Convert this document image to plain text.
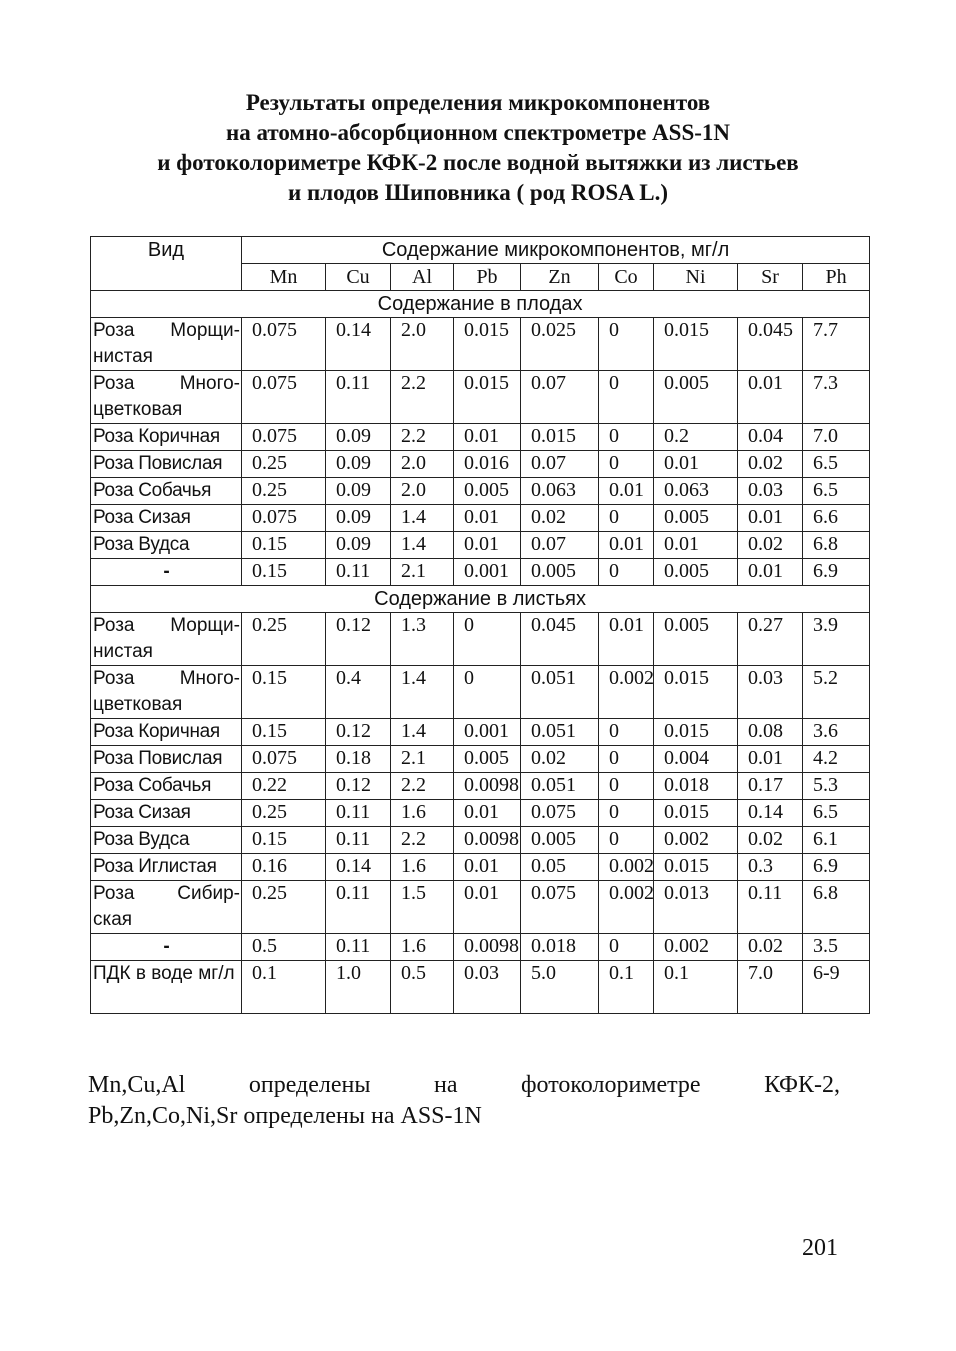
Результаты определения микрокомпонентов
на атомно-абсорбционном спектрометре ASS-1N
и фотоколориметре КФК-2 после водной вытяжки из листьев
и плодов Шиповника ( род ROSA L.)
Вид	Содержание микрокомпонентов, мг/л								
	Mn	Cu	Al	Pb	Zn	Co	Ni	Sr	Ph
Содержание в плодах									
Роза Морщи-нистая	0.075	0.14	2.0	0.015	0.025	0	0.015	0.045	7.7
Роза Много-цветковая	0.075	0.11	2.2	0.015	0.07	0	0.005	0.01	7.3
Роза Коричная	0.075	0.09	2.2	0.01	0.015	0	0.2	0.04	7.0
Роза Повислая	0.25	0.09	2.0	0.016	0.07	0	0.01	0.02	6.5
Роза Собачья	0.25	0.09	2.0	0.005	0.063	0.01	0.063	0.03	6.5
Роза Сизая	0.075	0.09	1.4	0.01	0.02	0	0.005	0.01	6.6
Роза Вудса	0.15	0.09	1.4	0.01	0.07	0.01	0.01	0.02	6.8
-	0.15	0.11	2.1	0.001	0.005	0	0.005	0.01	6.9
Содержание в листьях									
Роза Морщи-нистая	0.25	0.12	1.3	0	0.045	0.01	0.005	0.27	3.9
Роза Много-цветковая	0.15	0.4	1.4	0	0.051	0.002	0.015	0.03	5.2
Роза Коричная	0.15	0.12	1.4	0.001	0.051	0	0.015	0.08	3.6
Роза Повислая	0.075	0.18	2.1	0.005	0.02	0	0.004	0.01	4.2
Роза Собачья	0.22	0.12	2.2	0.0098	0.051	0	0.018	0.17	5.3
Роза Сизая	0.25	0.11	1.6	0.01	0.075	0	0.015	0.14	6.5
Роза Вудса	0.15	0.11	2.2	0.0098	0.005	0	0.002	0.02	6.1
Роза Иглистая	0.16	0.14	1.6	0.01	0.05	0.002	0.015	0.3	6.9
Роза Сибир-ская	0.25	0.11	1.5	0.01	0.075	0.002	0.013	0.11	6.8
-	0.5	0.11	1.6	0.0098	0.018	0	0.002	0.02	3.5
ПДК в воде мг/л	0.1	1.0	0.5	0.03	5.0	0.1	0.1	7.0	6-9
Mn,Cu,Al	определены	на	фотоколориметре	КФК-2,
Pb,Zn,Co,Ni,Sr определены на ASS-1N
201
